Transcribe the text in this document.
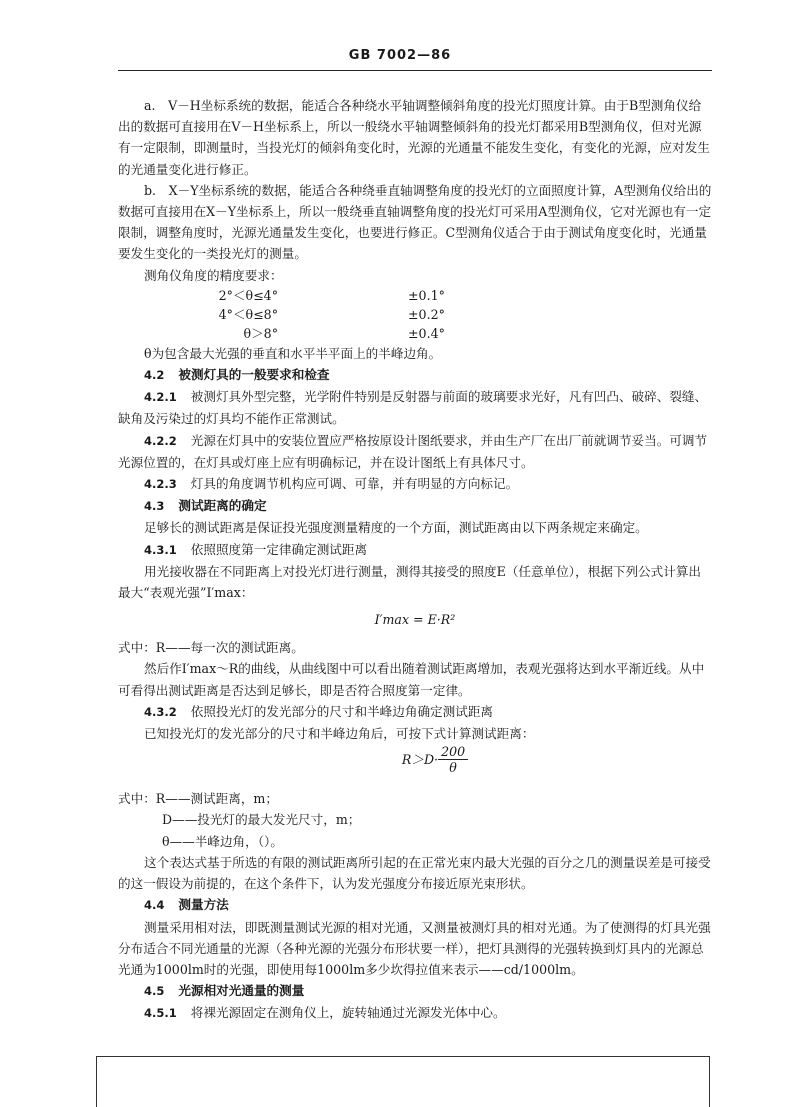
GB 7002—86

a.　V－H坐标系统的数据，能适合各种绕水平轴调整倾斜角度的投光灯照度计算。由于B型测角仪给出的数据可直接用在V－H坐标系上，所以一般绕水平轴调整倾斜角的投光灯都采用B型测角仪，但对光源有一定限制，即测量时，当投光灯的倾斜角变化时，光源的光通量不能发生变化，有变化的光源，应对发生的光通量变化进行修正。

b.　X－Y坐标系统的数据，能适合各种绕垂直轴调整角度的投光灯的立面照度计算，A型测角仪给出的数据可直接用在X－Y坐标系上，所以一般绕垂直轴调整角度的投光灯可采用A型测角仪，它对光源也有一定限制，调整角度时，光源光通量发生变化，也要进行修正。C型测角仪适合于由于测试角度变化时，光通量要发生变化的一类投光灯的测量。

测角仪角度的精度要求：

2°＜θ≤4°	±0.1°
4°＜θ≤8°	±0.2°
θ＞8°	±0.4°

θ为包含最大光强的垂直和水平半平面上的半峰边角。

4.2 被测灯具的一般要求和检查

4.2.1 被测灯具外型完整，光学附件特别是反射器与前面的玻璃要求光好，凡有凹凸、破碎、裂缝、缺角及污染过的灯具均不能作正常测试。

4.2.2 光源在灯具中的安装位置应严格按原设计图纸要求，并由生产厂在出厂前就调节妥当。可调节光源位置的，在灯具或灯座上应有明确标记，并在设计图纸上有具体尺寸。

4.2.3 灯具的角度调节机构应可调、可靠，并有明显的方向标记。

4.3 测试距离的确定

足够长的测试距离是保证投光强度测量精度的一个方面，测试距离由以下两条规定来确定。

4.3.1 依照照度第一定律确定测试距离

用光接收器在不同距离上对投光灯进行测量，测得其接受的照度E（任意单位），根据下列公式计算出最大“表观光强”I′max：

I′max = E·R²

式中：R——每一次的测试距离。

然后作I′max～R的曲线，从曲线图中可以看出随着测试距离增加，表观光强将达到水平渐近线。从中可看得出测试距离是否达到足够长，即是否符合照度第一定律。

4.3.2 依照投光灯的发光部分的尺寸和半峰边角确定测试距离

已知投光灯的发光部分的尺寸和半峰边角后，可按下式计算测试距离：

$R>D\cdot \frac{200}{\theta}$

式中：R——测试距离，m；

D——投光灯的最大发光尺寸，m；

θ——半峰边角，（）。

这个表达式基于所选的有限的测试距离所引起的在正常光束内最大光强的百分之几的测量误差是可接受的这一假设为前提的，在这个条件下，认为发光强度分布接近原光束形状。

4.4 测量方法

测量采用相对法，即既测量测试光源的相对光通，又测量被测灯具的相对光通。为了使测得的灯具光强分布适合不同光通量的光源（各种光源的光强分布形状要一样），把灯具测得的光强转换到灯具内的光源总光通为1000lm时的光强，即使用每1000lm多少坎得拉值来表示——cd/1000lm。

4.5 光源相对光通量的测量

4.5.1 将裸光源固定在测角仪上，旋转轴通过光源发光体中心。
